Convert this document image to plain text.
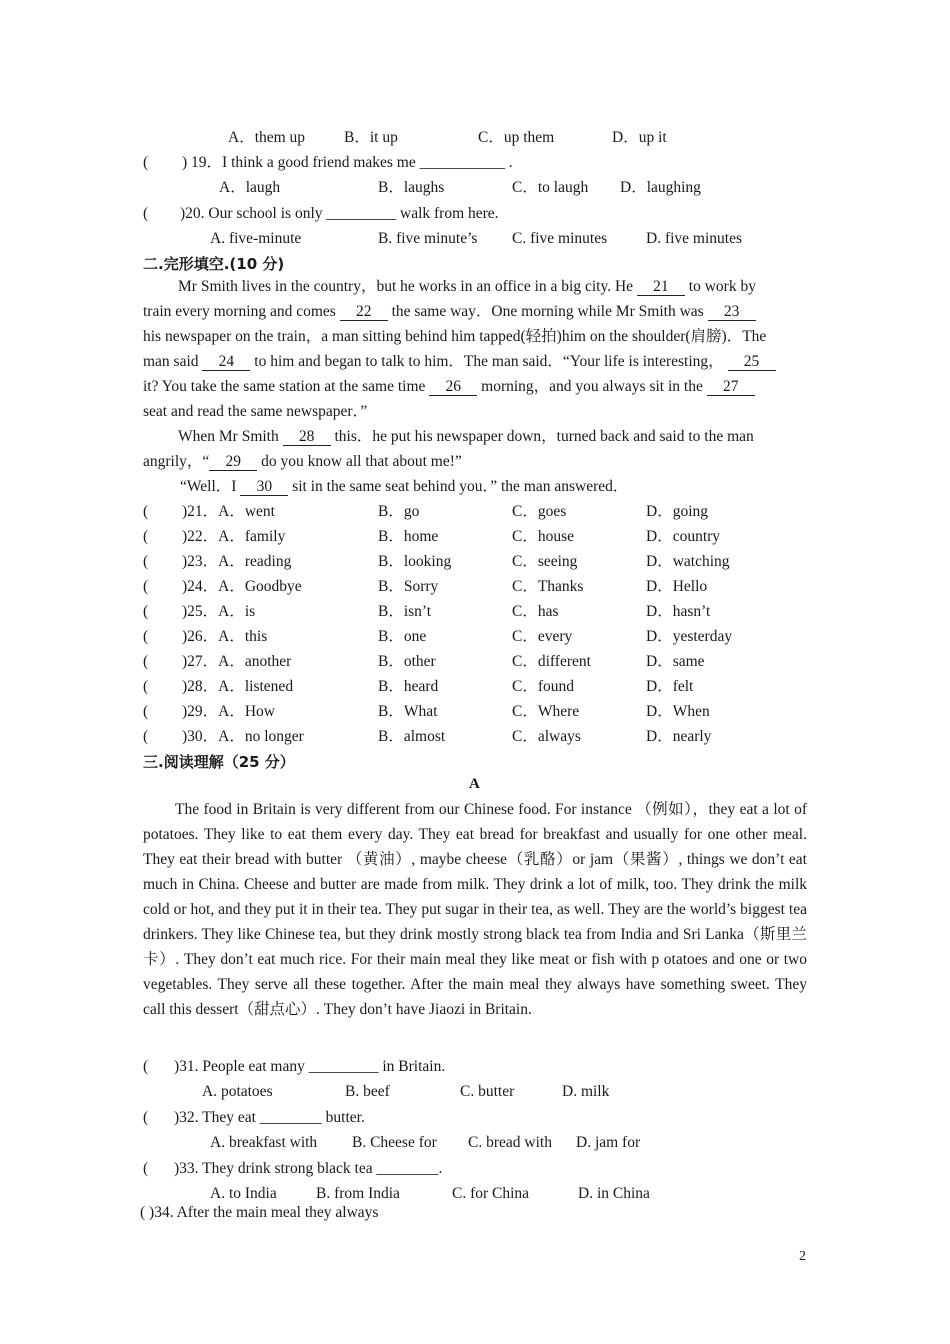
A．them up	B．it up	C．up them	D．up it
( ) 19．I think a good friend makes me ___________ .
A．laugh	B．laughs	C．to laugh D．laughing
( )20. Our school is only _________ walk from here.
A. five-minute	B. five minute’s C. five minutes	D. five minutes
二.完形填空.(10 分)
Mr Smith lives in the country，but he works in an office in a big city. He 21 to work by
train every morning and comes 22 the same way．One morning while Mr Smith was 23
his newspaper on the train，a man sitting behind him tapped(轻拍)him on the shoulder(肩膀)．The
man said 24 to him and began to talk to him．The man said．“Your life is interesting， 25
it? You take the same station at the same time 26 morning，and you always sit in the 27
seat and read the same newspaper．”
When Mr Smith 28 this．he put his newspaper down，turned back and said to the man
angrily，“ 29 do you know all that about me!”
“Well．I 30 sit in the same seat behind you．” the man answered．
( )21．A．went	B．go	C．goes	D．going
( )22．A．family	B．home	C．house	D．country
( )23．A．reading	B．looking	C．seeing	D．watching
( )24．A．Goodbye	B．Sorry	C．Thanks	D．Hello
( )25．A．is	B．isn’t	C．has	D．hasn’t
( )26．A．this	B．one	C．every	D．yesterday
( )27．A．another	B．other	C．different	D．same
( )28．A．listened	B．heard	C．found	D．felt
( )29．A．How	B．What	C．Where	D．When
( )30．A．no longer	B．almost	C．always	D．nearly
三.阅读理解（25 分）
A
The food in Britain is very different from our Chinese food. For instance （例如），they eat a lot of potatoes. They like to eat them every day. They eat bread for breakfast and usually for one other meal. They eat their bread with butter （黄油）, maybe cheese（乳酪）or jam（果酱）, things we don’t eat much in China. Cheese and butter are made from milk. They drink a lot of milk, too. They drink the milk cold or hot, and they put it in their tea. They put sugar in their tea, as well. They are the world’s biggest tea drinkers. They like Chinese tea, but they drink mostly strong black tea from India and Sri Lanka（斯里兰卡）. They don’t eat much rice. For their main meal they like meat or fish with p otatoes and one or two vegetables. They serve all these together. After the main meal they always have something sweet. They call this dessert（甜点心）. They don’t have Jiaozi in Britain.
( )31. People eat many _________ in Britain.
A. potatoes	B. beef	C. butter	D. milk
( )32. They eat ________ butter.
A. breakfast with B. Cheese for C. bread with D. jam for
( )33. They drink strong black tea ________.
A. to India	B. from India	C. for China	D. in China
( )34. After the main meal they always
2
